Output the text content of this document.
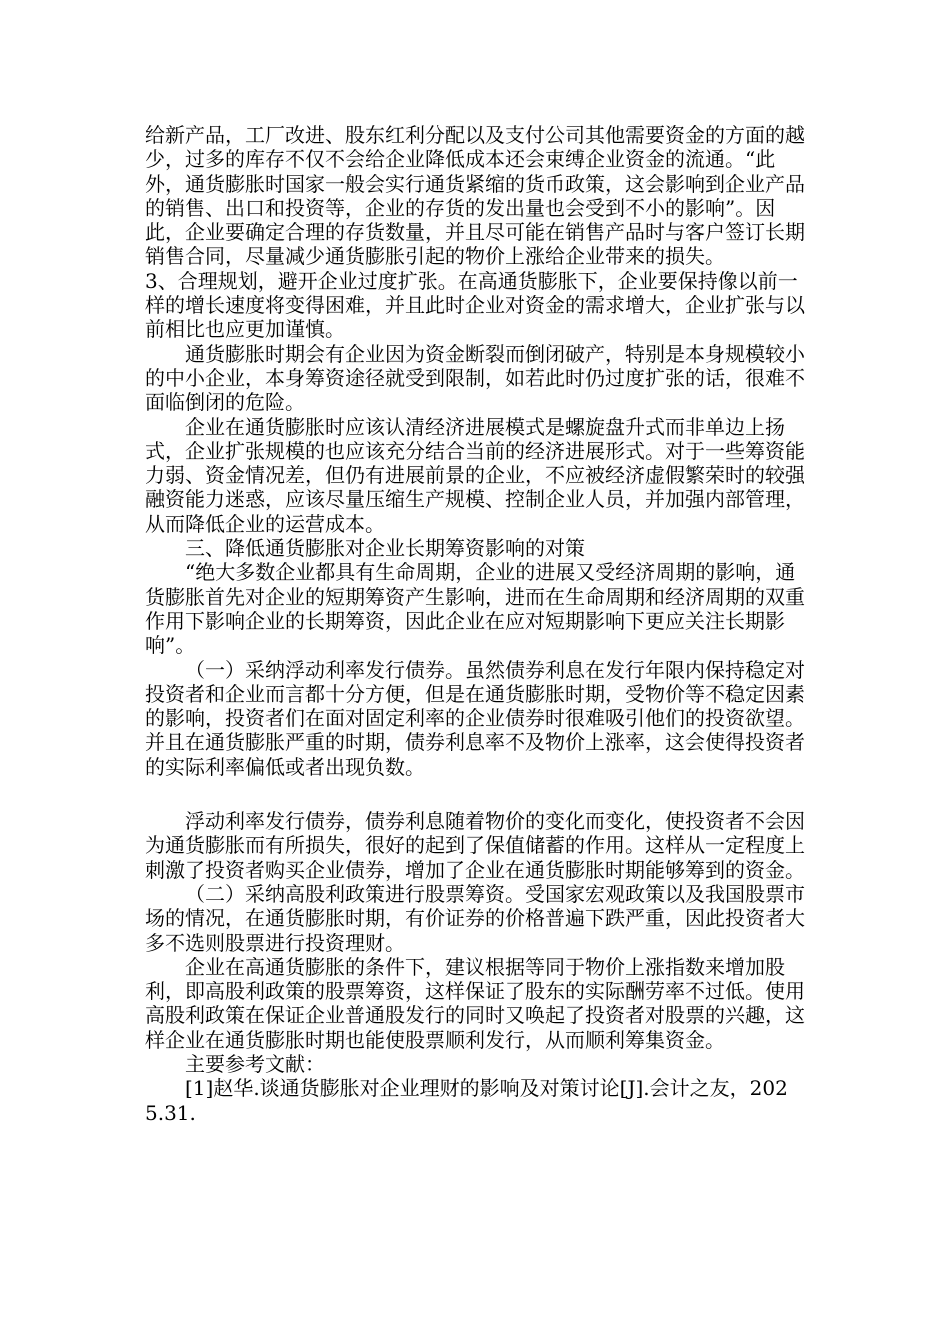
给新产品，工厂改进、股东红利分配以及支付公司其他需要资金的方面的越少，过多的库存不仅不会给企业降低成本还会束缚企业资金的流通。“此外，通货膨胀时国家一般会实行通货紧缩的货币政策，这会影响到企业产品的销售、出口和投资等，企业的存货的发出量也会受到不小的影响”。因此，企业要确定合理的存货数量，并且尽可能在销售产品时与客户签订长期销售合同，尽量减少通货膨胀引起的物价上涨给企业带来的损失。　　　3、合理规划，避开企业过度扩张。在高通货膨胀下，企业要保持像以前一样的增长速度将变得困难，并且此时企业对资金的需求增大，企业扩张与以前相比也应更加谨慎。

通货膨胀时期会有企业因为资金断裂而倒闭破产，特别是本身规模较小的中小企业，本身筹资途径就受到限制，如若此时仍过度扩张的话，很难不面临倒闭的危险。

企业在通货膨胀时应该认清经济进展模式是螺旋盘升式而非单边上扬式，企业扩张规模的也应该充分结合当前的经济进展形式。对于一些筹资能力弱、资金情况差，但仍有进展前景的企业，不应被经济虚假繁荣时的较强融资能力迷惑，应该尽量压缩生产规模、控制企业人员，并加强内部管理，从而降低企业的运营成本。

三、降低通货膨胀对企业长期筹资影响的对策

“绝大多数企业都具有生命周期，企业的进展又受经济周期的影响，通货膨胀首先对企业的短期筹资产生影响，进而在生命周期和经济周期的双重作用下影响企业的长期筹资，因此企业在应对短期影响下更应关注长期影响”。

（一）采纳浮动利率发行债券。虽然债券利息在发行年限内保持稳定对投资者和企业而言都十分方便，但是在通货膨胀时期，受物价等不稳定因素的影响，投资者们在面对固定利率的企业债券时很难吸引他们的投资欲望。并且在通货膨胀严重的时期，债券利息率不及物价上涨率，这会使得投资者的实际利率偏低或者出现负数。

浮动利率发行债券，债券利息随着物价的变化而变化，使投资者不会因为通货膨胀而有所损失，很好的起到了保值储蓄的作用。这样从一定程度上刺激了投资者购买企业债券，增加了企业在通货膨胀时期能够筹到的资金。

（二）采纳高股利政策进行股票筹资。受国家宏观政策以及我国股票市场的情况，在通货膨胀时期，有价证券的价格普遍下跌严重，因此投资者大多不选则股票进行投资理财。

企业在高通货膨胀的条件下，建议根据等同于物价上涨指数来增加股利，即高股利政策的股票筹资，这样保证了股东的实际酬劳率不过低。使用高股利政策在保证企业普通股发行的同时又唤起了投资者对股票的兴趣，这样企业在通货膨胀时期也能使股票顺利发行，从而顺利筹集资金。

主要参考文献：

[1]赵华.谈通货膨胀对企业理财的影响及对策讨论[J].会计之友，2025.31.
